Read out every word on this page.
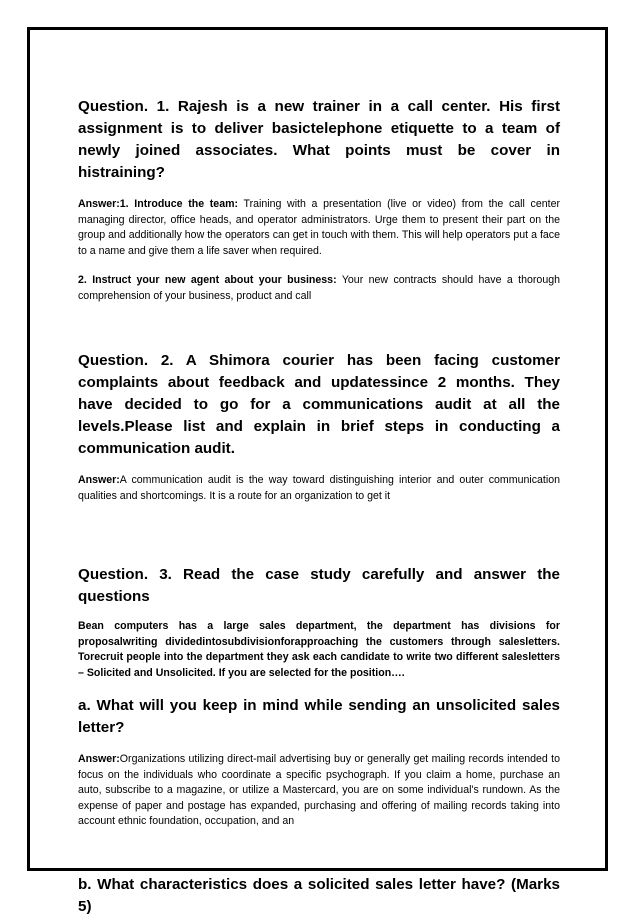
Question. 1. Rajesh is a new trainer in a call center. His first assignment is to deliver basictelephone etiquette to a team of newly joined associates. What points must be cover in histraining?

Answer:1. Introduce the team: Training with a presentation (live or video) from the call center managing director, office heads, and operator administrators. Urge them to present their part on the group and additionally how the operators can get in touch with them. This will help operators put a face to a name and give them a life saver when required.

2. Instruct your new agent about your business: Your new contracts should have a thorough comprehension of your business, product and call

Question. 2. A Shimora courier has been facing customer complaints about feedback and updatessince 2 months. They have decided to go for a communications audit at all the levels.Please list and explain in brief steps in conducting a communication audit.

Answer:A communication audit is the way toward distinguishing interior and outer communication qualities and shortcomings. It is a route for an organization to get it

Question. 3. Read the case study carefully and answer the questions

Bean computers has a large sales department, the department has divisions for proposalwriting dividedintosubdivisionforapproaching the customers through salesletters. Torecruit people into the department they ask each candidate to write two different salesletters – Solicited and Unsolicited. If you are selected for the position….

a. What will you keep in mind while sending an unsolicited sales letter?

Answer:Organizations utilizing direct-mail advertising buy or generally get mailing records intended to focus on the individuals who coordinate a specific psychograph. If you claim a home, purchase an auto, subscribe to a magazine, or utilize a Mastercard, you are on some individual's rundown. As the expense of paper and postage has expanded, purchasing and offering of mailing records taking into account ethnic foundation, occupation, and an

b. What characteristics does a solicited sales letter have? (Marks 5)
